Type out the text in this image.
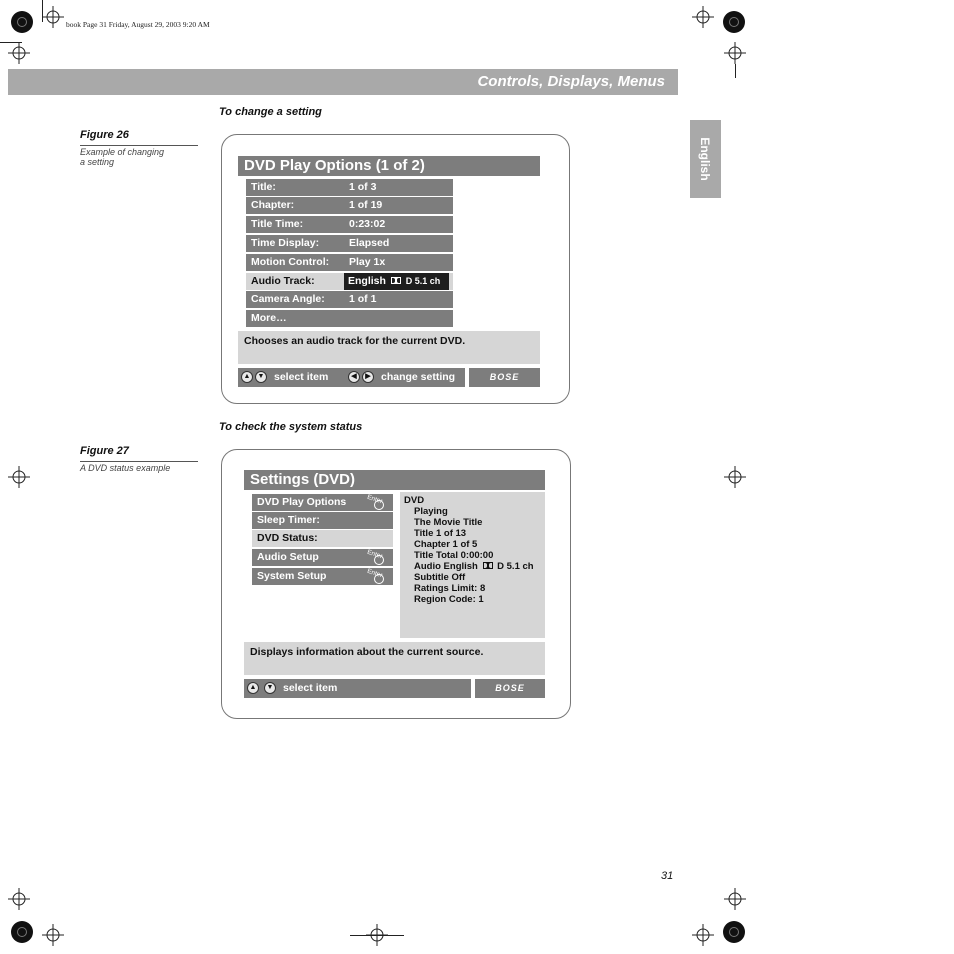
book Page 31 Friday, August 29, 2003 9:20 AM
Controls, Displays, Menus
English
To change a setting
Figure 26
Example of changing
a setting	DVD Play Options (1 of 2)
Title:	1 of 3
Chapter:	1 of 19
Title Time:	0:23:02
Time Display:	Elapsed
Motion Control: Play 1x
Audio Track:	English D 5.1 ch
Camera Angle: 1 of 1
More…
Chooses an audio track for the current DVD.
▲	▼ select item	◀	▶ change setting	BOSE
To check the system status
Figure 27
A DVD status example
Settings (DVD)
DVD Play Options	Enter
Sleep Timer:
DVD Status:
Audio Setup	Enter
System Setup	Enter
DVD
Playing
The Movie Title
Title 1 of 13
Chapter 1 of 5
Title Total 0:00:00
Audio English D 5.1 ch
Subtitle Off
Ratings Limit: 8
Region Code: 1
Displays information about the current source.
▲	▼ select item	BOSE
31
